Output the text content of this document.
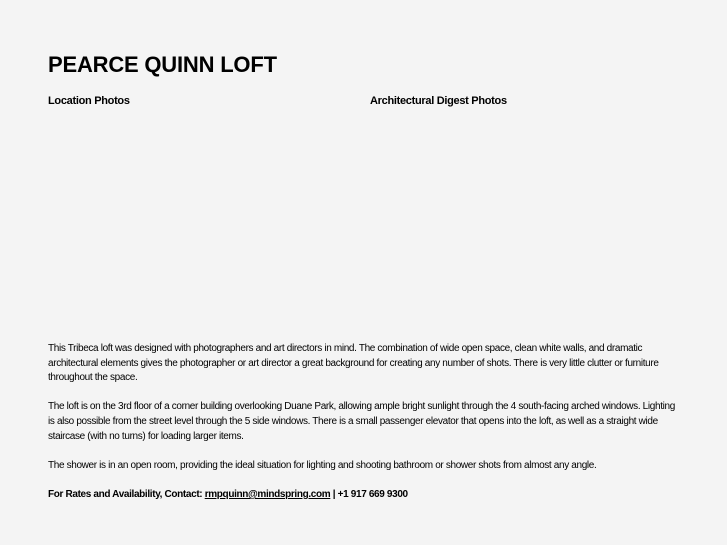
PEARCE QUINN LOFT
Location Photos	Architectural Digest Photos

This Tribeca loft was designed with photographers and art directors in mind. The combination of wide open space, clean white walls, and dramatic architectural elements gives the photographer or art director a great background for creating any number of shots. There is very little clutter or furniture throughout the space.

The loft is on the 3rd floor of a corner building overlooking Duane Park, allowing ample bright sunlight through the 4 south-facing arched windows. Lighting is also possible from the street level through the 5 side windows. There is a small passenger elevator that opens into the loft, as well as a straight wide staircase (with no turns) for loading larger items.

The shower is in an open room, providing the ideal situation for lighting and shooting bathroom or shower shots from almost any angle.

For Rates and Availability, Contact: rmpquinn@mindspring.com | +1 917 669 9300
